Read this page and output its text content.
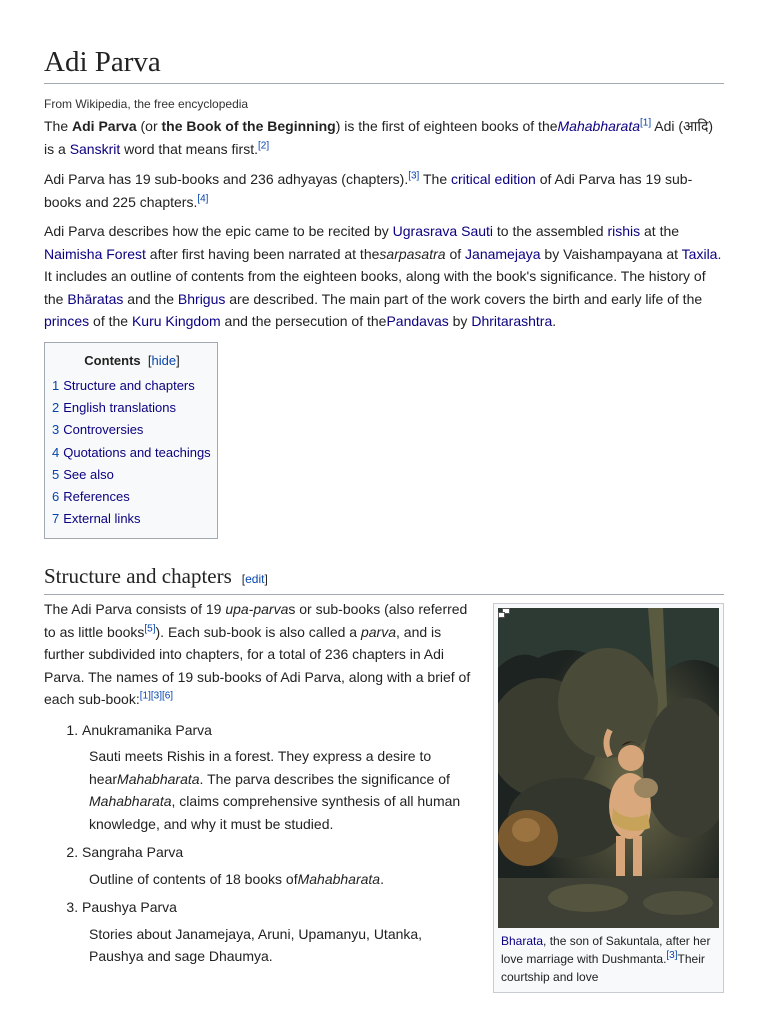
Adi Parva
From Wikipedia, the free encyclopedia

The Adi Parva (or the Book of the Beginning) is the first of eighteen books of theMahabharata[1] Adi (आदि) is a Sanskrit word that means first.[2]

Adi Parva has 19 sub-books and 236 adhyayas (chapters).[3] The critical edition of Adi Parva has 19 sub-books and 225 chapters.[4]

Adi Parva describes how the epic came to be recited by Ugrasrava Sauti to the assembled rishis at the Naimisha Forest after first having been narrated at thesarpasatra of Janamejaya by Vaishampayana at Taxila. It includes an outline of contents from the eighteen books, along with the book's significance. The history of the Bhāratas and the Bhrigus are described. The main part of the work covers the birth and early life of the princes of the Kuru Kingdom and the persecution of thePandavas by Dhritarashtra.

Contents [hide]
1 Structure and chapters
2 English translations
3 Controversies
4 Quotations and teachings
5 See also
6 References
7 External links
Structure and chapters [edit]

The Adi Parva consists of 19 upa-parvas or sub-books (also referred to as little books[5]). Each sub-book is also called a parva, and is further subdivided into chapters, for a total of 236 chapters in Adi Parva. The names of 19 sub-books of Adi Parva, along with a brief of each sub-book:[1][3][6]

1. Anukramanika Parva
Sauti meets Rishis in a forest. They express a desire to hearMahabharata. The parva describes the significance of Mahabharata, claims comprehensive synthesis of all human knowledge, and why it must be studied.
2. Sangraha Parva
Outline of contents of 18 books ofMahabharata.
3. Paushya Parva
Stories about Janamejaya, Aruni, Upamanyu, Utanka, Paushya and sage Dhaumya.
Bharata, the son of Sakuntala, after her love marriage with Dushmanta.[3]Their courtship and love
